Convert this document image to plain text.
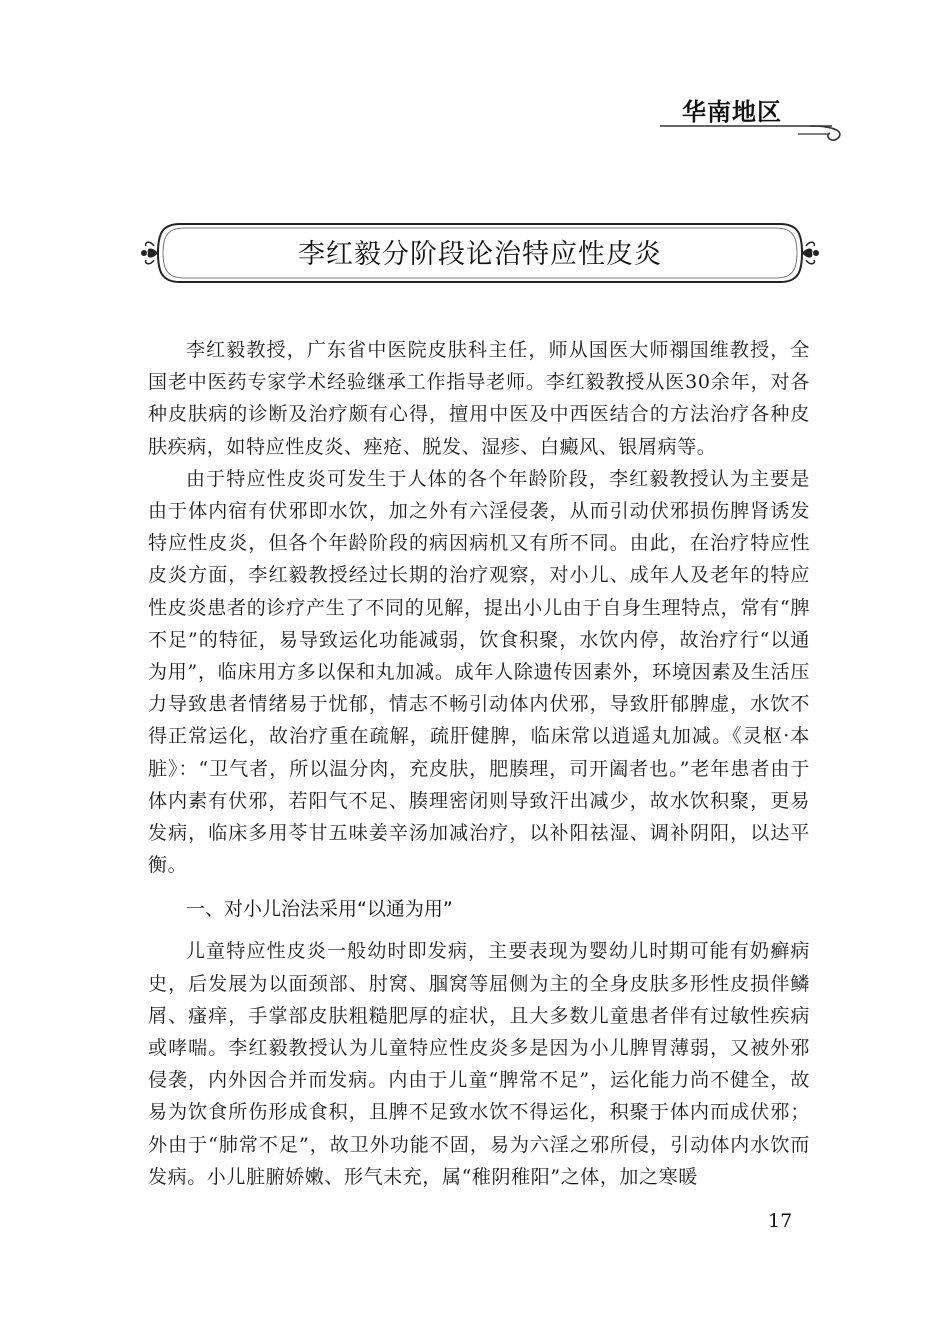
华南地区
李红毅分阶段论治特应性皮炎

李红毅教授，广东省中医院皮肤科主任，师从国医大师禤国维教授，全国老中医药专家学术经验继承工作指导老师。李红毅教授从医30余年，对各种皮肤病的诊断及治疗颇有心得，擅用中医及中西医结合的方法治疗各种皮肤疾病，如特应性皮炎、痤疮、脱发、湿疹、白癜风、银屑病等。

由于特应性皮炎可发生于人体的各个年龄阶段，李红毅教授认为主要是由于体内宿有伏邪即水饮，加之外有六淫侵袭，从而引动伏邪损伤脾肾诱发特应性皮炎，但各个年龄阶段的病因病机又有所不同。由此，在治疗特应性皮炎方面，李红毅教授经过长期的治疗观察，对小儿、成年人及老年的特应性皮炎患者的诊疗产生了不同的见解，提出小儿由于自身生理特点，常有“脾不足”的特征，易导致运化功能减弱，饮食积聚，水饮内停，故治疗行“以通为用”，临床用方多以保和丸加减。成年人除遗传因素外，环境因素及生活压力导致患者情绪易于忧郁，情志不畅引动体内伏邪，导致肝郁脾虚，水饮不得正常运化，故治疗重在疏解，疏肝健脾，临床常以逍遥丸加减。《灵枢·本脏》：“卫气者，所以温分肉，充皮肤，肥腠理，司开阖者也。”老年患者由于体内素有伏邪，若阳气不足、腠理密闭则导致汗出减少，故水饮积聚，更易发病，临床多用苓甘五味姜辛汤加减治疗，以补阳祛湿、调补阴阳，以达平衡。

一、对小儿治法采用“以通为用”

儿童特应性皮炎一般幼时即发病，主要表现为婴幼儿时期可能有奶癣病史，后发展为以面颈部、肘窝、腘窝等屈侧为主的全身皮肤多形性皮损伴鳞屑、瘙痒，手掌部皮肤粗糙肥厚的症状，且大多数儿童患者伴有过敏性疾病或哮喘。李红毅教授认为儿童特应性皮炎多是因为小儿脾胃薄弱，又被外邪侵袭，内外因合并而发病。内由于儿童“脾常不足”，运化能力尚不健全，故易为饮食所伤形成食积，且脾不足致水饮不得运化，积聚于体内而成伏邪；外由于“肺常不足”，故卫外功能不固，易为六淫之邪所侵，引动体内水饮而发病。小儿脏腑娇嫩、形气未充，属“稚阴稚阳”之体，加之寒暖

17
